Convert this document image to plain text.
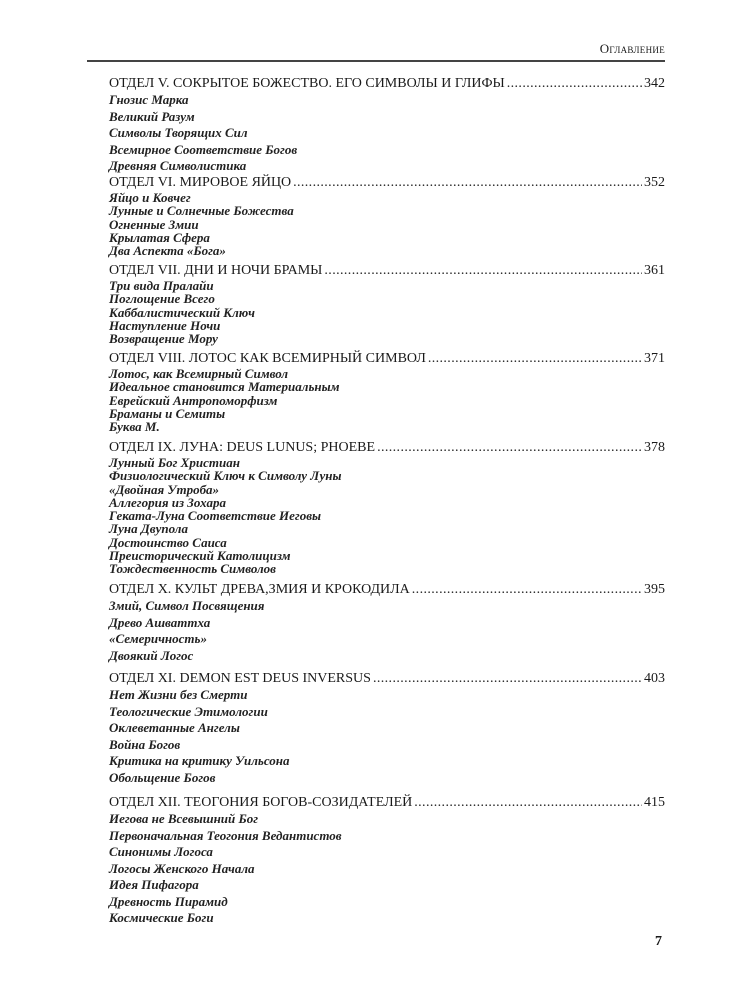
Оглавление
ОТДЕЛ V. СОКРЫТОЕ БОЖЕСТВО. ЕГО СИМВОЛЫ И ГЛИФЫ .....	342
Гнозис Марка
Великий Разум
Символы Творящих Сил
Всемирное Соответствие Богов
Древняя Символистика
ОТДЕЛ VI. МИРОВОЕ ЯЙЦО .....	352
Яйцо и Ковчег
Лунные и Солнечные Божества
Огненные Змии
Крылатая Сфера
Два Аспекта «Бога»
ОТДЕЛ VII. ДНИ И НОЧИ БРАМЫ .....	361
Три вида Пралайи
Поглощение Всего
Каббалистический Ключ
Наступление Ночи
Возвращение Мору
ОТДЕЛ VIII. ЛОТОС КАК ВСЕМИРНЫЙ СИМВОЛ .....	371
Лотос, как Всемирный Символ
Идеальное становится Материальным
Еврейский Антропоморфизм
Браманы и Семиты
Буква М.
ОТДЕЛ IX. ЛУНА: DEUS LUNUS; PHOEBE .....	378
Лунный Бог Христиан
Физиологический Ключ к Символу Луны
«Двойная Утроба»
Аллегория из Зохара
Геката-Луна Соответствие Иеговы
Луна Двупола
Достоинство Саиса
Преисторический Католицизм
Тождественность Символов
ОТДЕЛ X. КУЛЬТ ДРЕВА,ЗМИЯ И КРОКОДИЛА .....	395
Змий, Символ Посвящения
Древо Ашваттха
«Семеричность»
Двоякий Логос
ОТДЕЛ XI. DEMON EST DEUS INVERSUS .....	403
Нет Жизни без Смерти
Теологические Этимологии
Оклеветанные Ангелы
Война Богов
Критика на критику Уильсона
Обольщение Богов
ОТДЕЛ XII. ТЕОГОНИЯ БОГОВ-СОЗИДАТЕЛЕЙ .....	415
Иегова не Всевышний Бог
Первоначальная Теогония Ведантистов
Синонимы Логоса
Логосы Женского Начала
Идея Пифагора
Древность Пирамид
Космические Боги
7
